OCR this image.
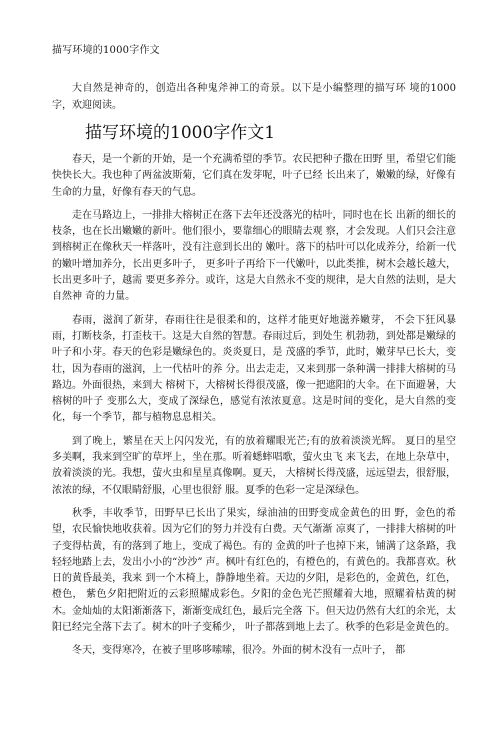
描写环境的1000字作文

大自然是神奇的，创造出各种鬼斧神工的奇景。以下是小编整理的描写环 境的1000字，欢迎阅读。

描写环境的1000字作文1

春天，是一个新的开始，是一个充满希望的季节。农民把种子撒在田野 里，希望它们能快快长大。我也种了两盆波斯菊，它们真在发芽呢，叶子已经 长出来了，嫩嫩的绿，好像有生命的力量，好像有春天的气息。

走在马路边上，一排排大榕树正在落下去年还没落光的枯叶，同时也在长 出新的细长的枝条，也在长出嫩嫩的新叶。他们很小，要靠细心的眼睛去观 察，才会发现。人们只会注意到榕树正在像秋天一样落叶，没有注意到长出的 嫩叶。落下的枯叶可以化成养分，给新一代的嫩叶增加养分，长出更多叶子， 更多叶子再给下一代嫩叶，以此类推，树木会越长越大，长出更多叶子，越需 要更多养分。或许，这是大自然永不变的规律，是大自然的法则，是大自然神 奇的力量。

春雨，滋润了新芽，春雨往往是很柔和的，这样才能更好地滋养嫩芽， 不会下狂风暴雨，打断枝条，打歪枝干。这是大自然的智慧。春雨过后，到处生 机勃勃，到处都是嫩绿的叶子和小芽。春天的色彩是嫩绿色的。炎炎夏日，是 茂盛的季节，此时，嫩芽早已长大，变壮，因为春雨的滋润，上一代枯叶的养 分。出去走走，又来到那一条种满一排排大榕树的马路边。外面很热，来到大 榕树下，大榕树长得很茂盛，像一把遮阳的大伞。在下面避暑，大榕树的叶子 变那么大，变成了深绿色，感觉有浓浓夏意。这是时间的变化，是大自然的变 化，每一个季节，都与植物息息相关。

到了晚上，繁星在天上闪闪发光，有的放着耀眼光芒;有的放着淡淡光辉。 夏日的星空多美啊，我来到空旷的草坪上，坐在那。听着蟋蟀唱歌，萤火虫飞 来飞去，在地上杂草中，放着淡淡的光。我想，萤火虫和星星真像啊。夏天， 大榕树长得茂盛，远远望去，很舒服，浓浓的绿，不仅眼睛舒服，心里也很舒 服。夏季的色彩一定是深绿色。

秋季，丰收季节，田野早已长出了果实，绿油油的田野变成金黄色的田 野，金色的希望，农民愉快地收获着。因为它们的努力并没有白费。天气渐渐 凉爽了，一排排大榕树的叶子变得枯黄，有的落到了地上，变成了褐色。有的 金黄的叶子也掉下来，铺满了这条路，我轻轻地踏上去，发出小小的“沙沙” 声。枫叶有红色的，有橙色的，有黄色的。我都喜欢。秋日的黄昏最美，我来 到一个木椅上，静静地坐着。天边的夕阳，是彩色的，金黄色，红色，橙色， 紫色夕阳把附近的云彩照耀成彩色。夕阳的金色光芒照耀着大地，照耀着枯黄的树木。金灿灿的太阳渐渐落下，渐渐变成红色，最后完全落 下。但天边仍然有大红的余光，太阳已经完全落下去了。树木的叶子变稀少， 叶子都落到地上去了。秋季的色彩是金黄色的。

冬天，变得寒冷，在被子里哆哆嗦嗦，很冷。外面的树木没有一点叶子， 都
